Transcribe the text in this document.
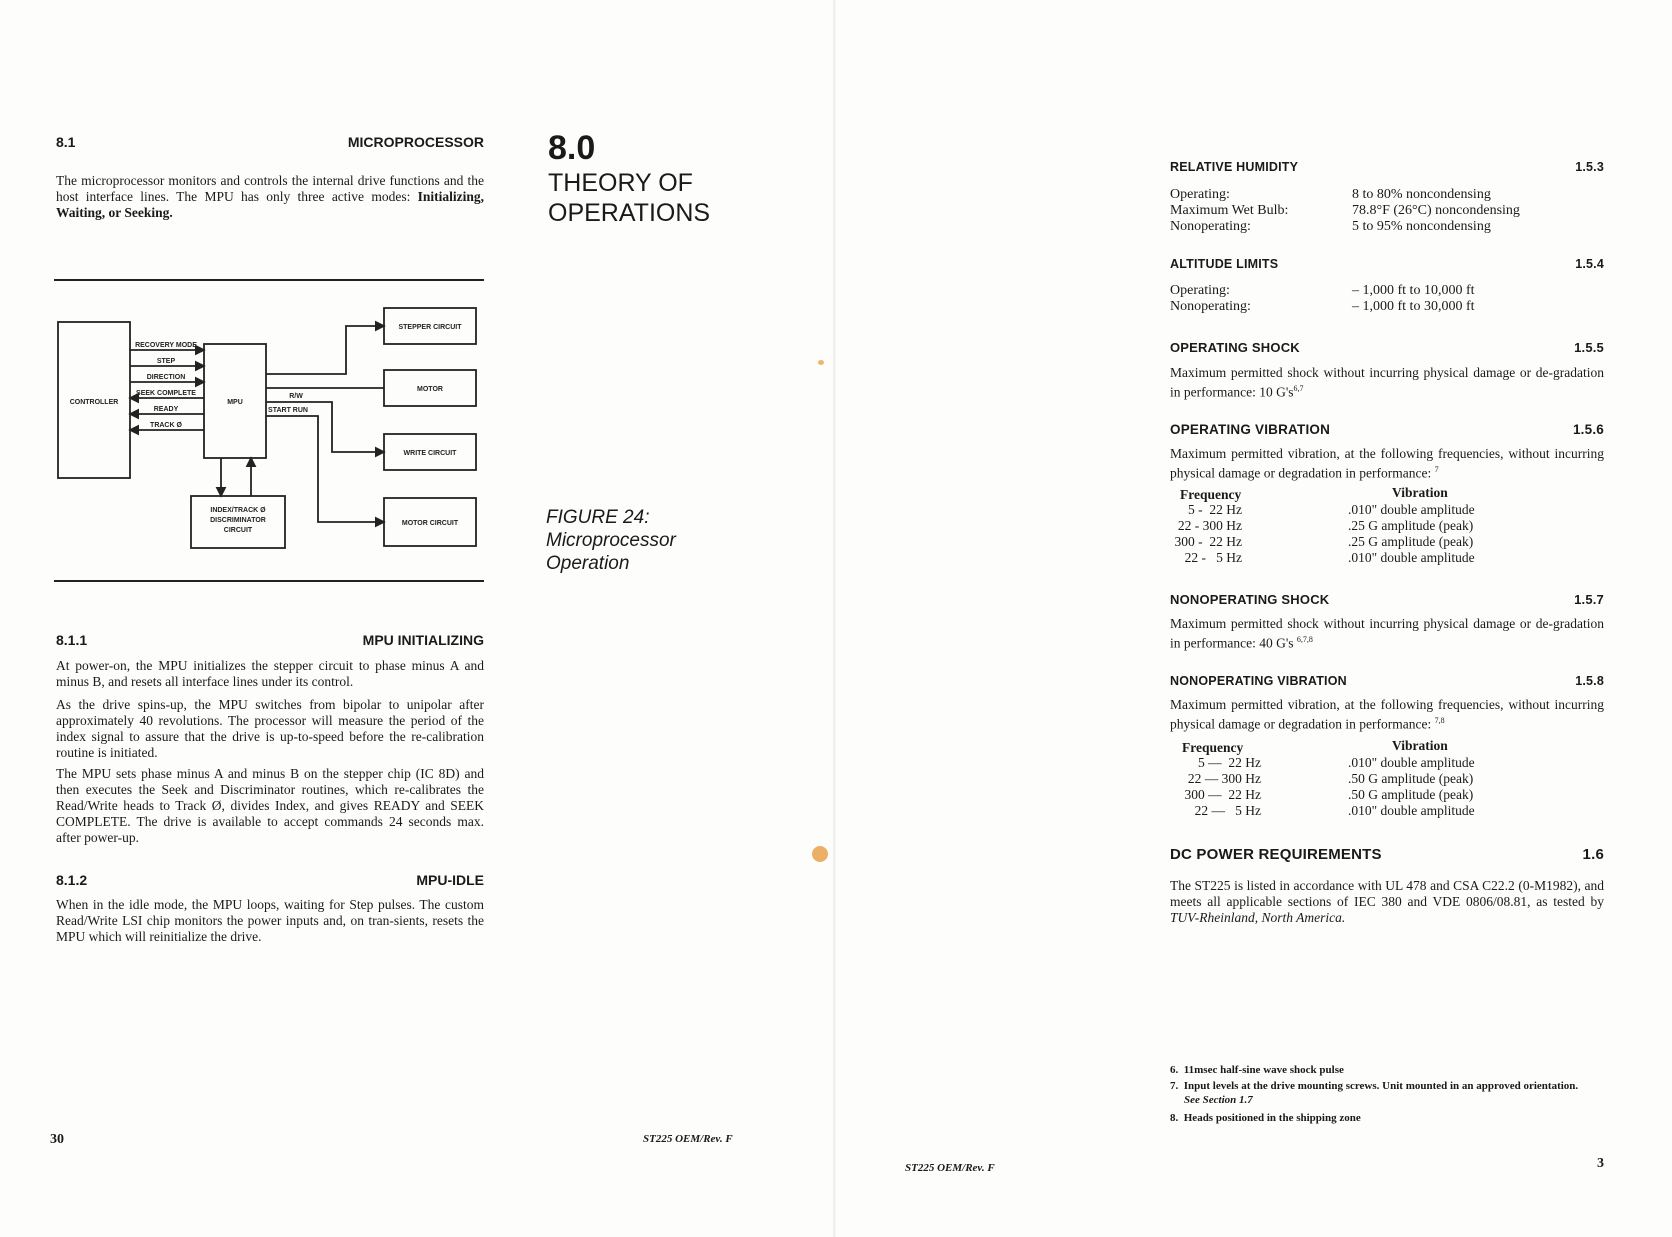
8.1	MICROPROCESSOR
The microprocessor monitors and controls the internal drive functions and the host interface lines. The MPU has only three active modes: Initializing, Waiting, or Seeking.
CONTROLLER	MPU
RECOVERY MODE
STEP
DIRECTION
SEEK COMPLETE
READY
TRACK Ø
R/W
START RUN
STEPPER CIRCUIT
MOTOR
WRITE CIRCUIT
MOTOR CIRCUIT
INDEX/TRACK Ø
DISCRIMINATOR
CIRCUIT
8.1.1	MPU INITIALIZING
At power-on, the MPU initializes the stepper circuit to phase minus A and minus B, and resets all interface lines under its control.
As the drive spins-up, the MPU switches from bipolar to unipolar after approximately 40 revolutions. The processor will measure the period of the index signal to assure that the drive is up-to-speed before the re-calibration routine is initiated.
The MPU sets phase minus A and minus B on the stepper chip (IC 8D) and then executes the Seek and Discriminator routines, which re-calibrates the Read/Write heads to Track Ø, divides Index, and gives READY and SEEK COMPLETE. The drive is available to accept commands 24 seconds max. after power-up.
8.1.2	MPU-IDLE
When in the idle mode, the MPU loops, waiting for Step pulses. The custom Read/Write LSI chip monitors the power inputs and, on tran-sients, resets the MPU which will reinitialize the drive.
30
8.0
THEORY OF
OPERATIONS
FIGURE 24:
Microprocessor
Operation
ST225 OEM/Rev. F
ST225 OEM/Rev. F
RELATIVE HUMIDITY	1.5.3
Operating:	8 to 80% noncondensing
Maximum Wet Bulb:	78.8°F (26°C) noncondensing
Nonoperating:	5 to 95% noncondensing
ALTITUDE LIMITS	1.5.4
Operating:	– 1,000 ft to 10,000 ft
Nonoperating:	– 1,000 ft to 30,000 ft
OPERATING SHOCK	1.5.5
Maximum permitted shock without incurring physical damage or de-gradation in performance: 10 $G's^{6,7}$
OPERATING VIBRATION	1.5.6
Maximum permitted vibration, at the following frequencies, without incurring physical damage or degradation in performance: $^7$
Frequency	Vibration
5 -  22 Hz	.010" double amplitude
22 - 300 Hz	.25 G amplitude (peak)
300 -  22 Hz	.25 G amplitude (peak)
22 -   5 Hz	.010" double amplitude
NONOPERATING SHOCK	1.5.7
Maximum permitted shock without incurring physical damage or de-gradation in performance: 40 G's $^{6,7,8}$
NONOPERATING VIBRATION	1.5.8
Maximum permitted vibration, at the following frequencies, without incurring physical damage or degradation in performance: $^{7,8}$
Frequency	Vibration
5 —  22 Hz	.010" double amplitude
22 — 300 Hz	.50 G amplitude (peak)
300 —  22 Hz	.50 G amplitude (peak)
22 —   5 Hz	.010" double amplitude
DC POWER REQUIREMENTS	1.6
The ST225 is listed in accordance with UL 478 and CSA C22.2 (0-M1982), and meets all applicable sections of IEC 380 and VDE 0806/08.81, as tested by TUV-Rheinland, North America.
6.  11msec half-sine wave shock pulse
7.  Input levels at the drive mounting screws. Unit mounted in an approved orientation.
See Section 1.7
8.  Heads positioned in the shipping zone
3
